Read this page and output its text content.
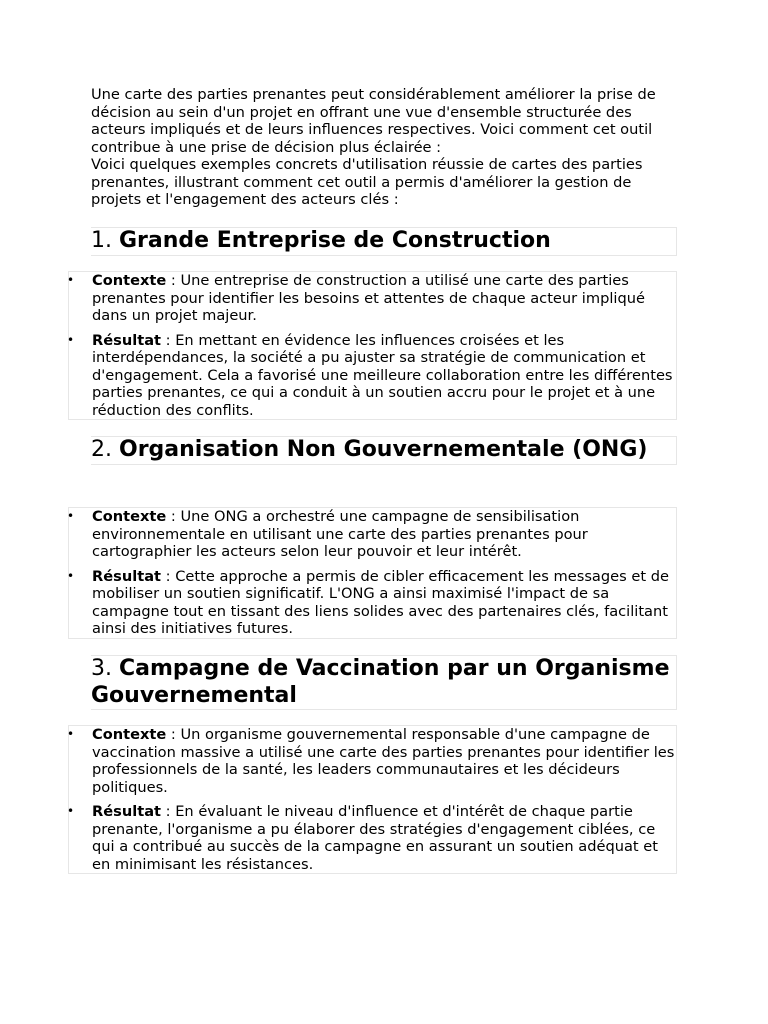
Une carte des parties prenantes peut considérablement améliorer la prise de décision au sein d'un projet en offrant une vue d'ensemble structurée des acteurs impliqués et de leurs influences respectives. Voici comment cet outil contribue à une prise de décision plus éclairée :

Voici quelques exemples concrets d'utilisation réussie de cartes des parties prenantes, illustrant comment cet outil a permis d'améliorer la gestion de projets et l'engagement des acteurs clés :

1. Grande Entreprise de Construction
• Contexte : Une entreprise de construction a utilisé une carte des parties prenantes pour identifier les besoins et attentes de chaque acteur impliqué dans un projet majeur.
• Résultat : En mettant en évidence les influences croisées et les interdépendances, la société a pu ajuster sa stratégie de communication et d'engagement. Cela a favorisé une meilleure collaboration entre les différentes parties prenantes, ce qui a conduit à un soutien accru pour le projet et à une réduction des conflits.
2. Organisation Non Gouvernementale (ONG)
• Contexte : Une ONG a orchestré une campagne de sensibilisation environnementale en utilisant une carte des parties prenantes pour cartographier les acteurs selon leur pouvoir et leur intérêt.
• Résultat : Cette approche a permis de cibler efficacement les messages et de mobiliser un soutien significatif. L'ONG a ainsi maximisé l'impact de sa campagne tout en tissant des liens solides avec des partenaires clés, facilitant ainsi des initiatives futures.
3. Campagne de Vaccination par un Organisme Gouvernemental
• Contexte : Un organisme gouvernemental responsable d'une campagne de vaccination massive a utilisé une carte des parties prenantes pour identifier les professionnels de la santé, les leaders communautaires et les décideurs politiques.
• Résultat : En évaluant le niveau d'influence et d'intérêt de chaque partie prenante, l'organisme a pu élaborer des stratégies d'engagement ciblées, ce qui a contribué au succès de la campagne en assurant un soutien adéquat et en minimisant les résistances.
